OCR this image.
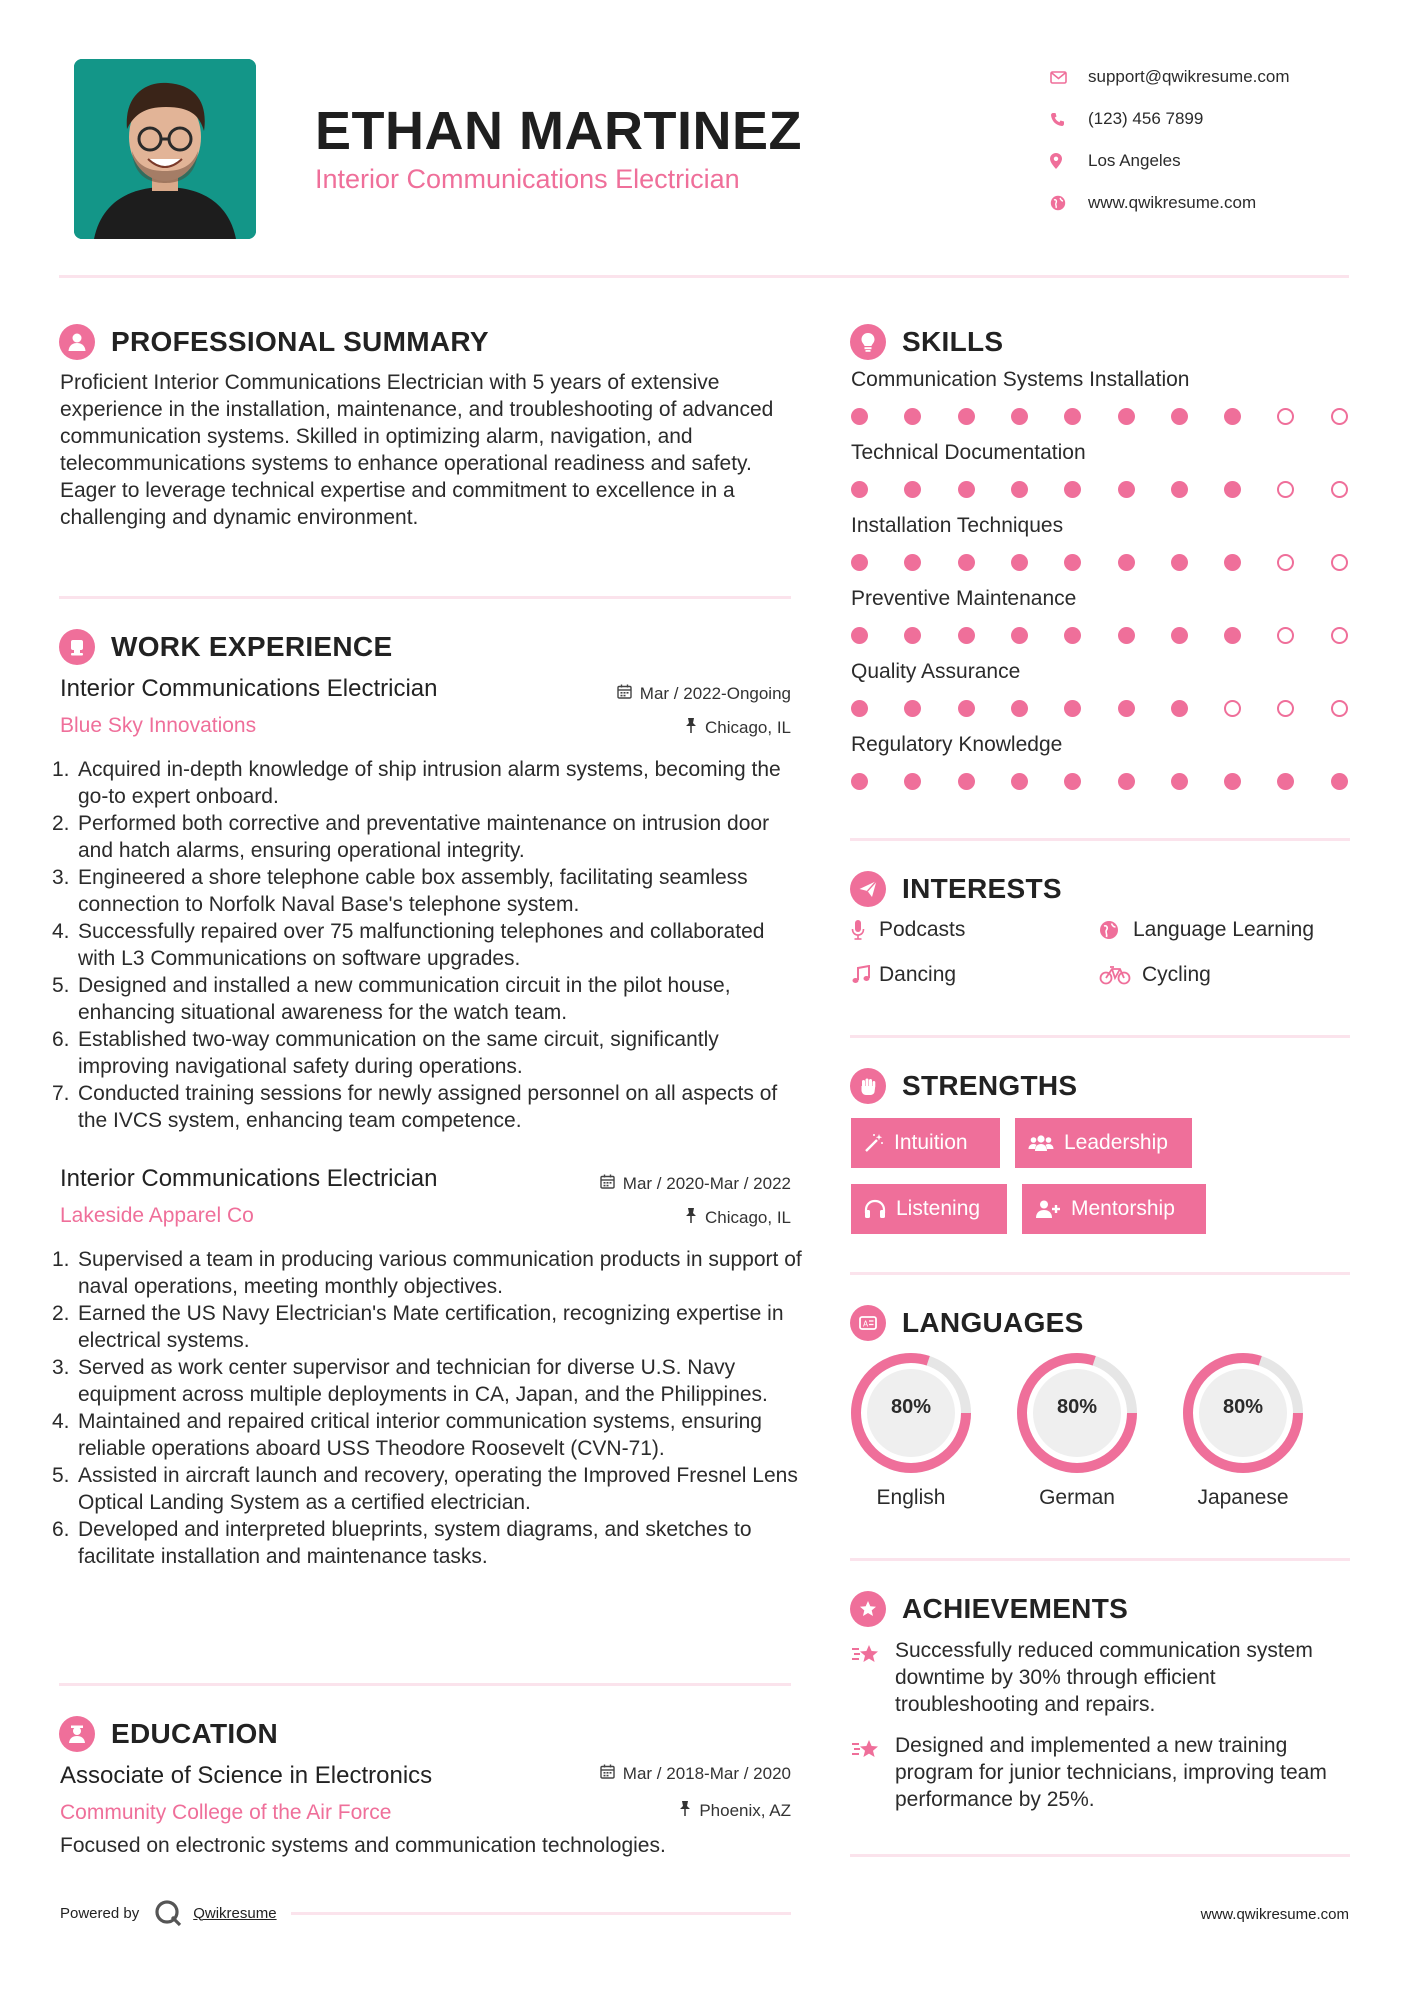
ETHAN MARTINEZ
Interior Communications Electrician
support@qwikresume.com
(123) 456 7899
Los Angeles
www.qwikresume.com
PROFESSIONAL SUMMARY
Proficient Interior Communications Electrician with 5 years of extensive experience in the installation, maintenance, and troubleshooting of advanced communication systems. Skilled in optimizing alarm, navigation, and telecommunications systems to enhance operational readiness and safety. Eager to leverage technical expertise and commitment to excellence in a challenging and dynamic environment.
WORK EXPERIENCE
Interior Communications Electrician
Blue Sky Innovations
Mar / 2022-Ongoing
Chicago, IL
1. Acquired in-depth knowledge of ship intrusion alarm systems, becoming the go-to expert onboard.
2. Performed both corrective and preventative maintenance on intrusion door and hatch alarms, ensuring operational integrity.
3. Engineered a shore telephone cable box assembly, facilitating seamless connection to Norfolk Naval Base's telephone system.
4. Successfully repaired over 75 malfunctioning telephones and collaborated with L3 Communications on software upgrades.
5. Designed and installed a new communication circuit in the pilot house, enhancing situational awareness for the watch team.
6. Established two-way communication on the same circuit, significantly improving navigational safety during operations.
7. Conducted training sessions for newly assigned personnel on all aspects of the IVCS system, enhancing team competence.
Interior Communications Electrician
Lakeside Apparel Co
Mar / 2020-Mar / 2022
Chicago, IL
1. Supervised a team in producing various communication products in support of naval operations, meeting monthly objectives.
2. Earned the US Navy Electrician's Mate certification, recognizing expertise in electrical systems.
3. Served as work center supervisor and technician for diverse U.S. Navy equipment across multiple deployments in CA, Japan, and the Philippines.
4. Maintained and repaired critical interior communication systems, ensuring reliable operations aboard USS Theodore Roosevelt (CVN-71).
5. Assisted in aircraft launch and recovery, operating the Improved Fresnel Lens Optical Landing System as a certified electrician.
6. Developed and interpreted blueprints, system diagrams, and sketches to facilitate installation and maintenance tasks.
EDUCATION
Associate of Science in Electronics
Community College of the Air Force
Mar / 2018-Mar / 2020
Phoenix, AZ
Focused on electronic systems and communication technologies.
SKILLS
Communication Systems Installation
Technical Documentation
Installation Techniques
Preventive Maintenance
Quality Assurance
Regulatory Knowledge
INTERESTS
Podcasts	Language Learning
Dancing	Cycling
STRENGTHS
Intuition	Leadership
Listening	Mentorship
A LANGUAGES
80%
English
80%
German
80%
Japanese
ACHIEVEMENTS
Successfully reduced communication system downtime by 30% through efficient troubleshooting and repairs.
Designed and implemented a new training program for junior technicians, improving team performance by 25%.
Powered by	Qwikresume	www.qwikresume.com
